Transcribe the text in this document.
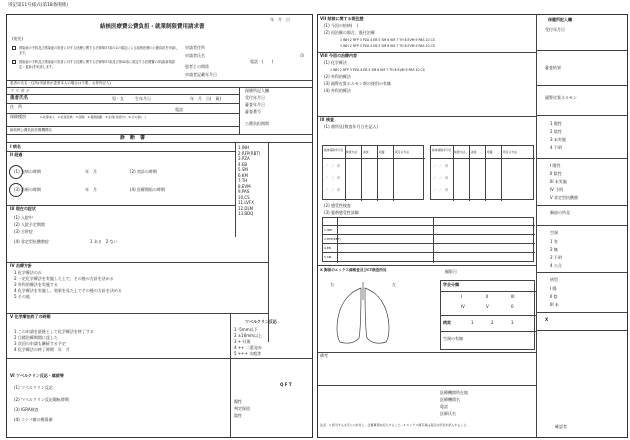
別記第11号様式(第18条関係)
結核医療費公費負担・就業制限費用請求書
年　月　日
(宛先)
感染症の予防及び感染症の患者に対する医療に関する法律第37条の2の規定による結核医療の公費負担を申請します。
感染症の予防及び感染症の患者に対する医療に関する法律第37条及び第42条に規定する医療費の申請(新規認定・更新)を申請します。
申請者住所
申請者氏名
患者との関係
申請者記載年月日
電話　(　　)
印
患者の氏名・住所(申請者が患者本人の場合は不要、太枠内記入)
フ リ ガ ナ
患者氏名	男・女	生年月日	年　月　日(　歳)
住　所
電話
保険種別	1.社保本人　2.社保家族　3.国保　4.後期高齢　5.生保(受給中)　6.その他(　)
新結核公費負担医療機関名
保健所記入欄
受付年月日
審査年月日
審査番号
公費負担期間
診　断　書
I 病名
II 経過
(1) 発病の時期	年　月	(2) 初診の時期
(3) 診断の時期	年　月	(4) 医療開始の時期
1.INH
2.RFP(RBT)
3.PZA
4.EB
5.SM
6.KM
7.TH
8.EVM
9.PAS
10.CS
11.LVFX
12.DLM
13.BDQ
III 現在の症状
(1) 入院中
(2) 入院予定期間
(3) 合併症
(4) 非定型抗酸菌症	1 ある　2 ない
IV 治療方針
1 化学療法のみ
2 一定化学療法を実施した上で、その後の方針を決める
3 外科的療法を実施する
4 化学療法を実施し、効果を見た上でその後の方針を決める
5 その他
V 化学療法終了の時期
1 この申請を最後として化学療法を終了する
2 目標治療期間に達した
3 次回の申請も継続する予定
4 化学療法の終了時期　年　月
VI ツベルクリン反応・喀痰等
(1) ツベルクリン反応
(2) ツベルクリン反応陽転時期
(3) IGRA検査
(4) コンパ値の換算値
ツベルクリン反応
1 -5mm以下
2 ±10mm以上
3 + 紅斑
4 ++ 二重発赤
5 +++ 水疱等
Q F T
陽性
判定保留
陰性
VII 結核に関する既往歴
(1) 今回の結核(　)
(2) 再治療の場合、既往治療
1 INH 2 RFP 3 PZA 4 EB 5 SM 6 KM 7 TH 8 EVM 9 PAS 10 CS
1 INH 2 RFP 3 PZA 4 EB 5 SM 6 KM 7 TH 8 EVM 9 PAS 10 CS
VIII 今回の治療内容
(1) 化学療法
1 INH 2 RFP 3 PZA 4 EB 5 SM 6 KM 7 TH 8 EVM 9 PAS 10 CS
(2) 外科的療法
(3) 副腎皮質ホルモン剤の使用の有無
(4) 外科的療法
IX 検査
(1) 菌所見(検査年月日を記入)
検体採取年月日 検査方法 塗抹	培養	同定の方法
／　／　号
／　／　号
／　／　号
検体採取年月日 検査方法 塗抹	培養	同定の方法
／　／　号
／　／　号
／　／　号
(2) 感受性検査
(3) 薬剤感受性試験
1.INH
2.RFP(RBT)
4.EB
5.SM
X 胸部のエックス線検査及びCT検査所見
右	左
撮影日
学会分類
I	II	III
IV	V	0
病変	1	2	3
空洞の有無
備考
医療機関所在地
医療機関名
電話
医師氏名
注意　1 該当する文字に○を付し、必要事項を記入すること。2 エックス線写真は直近の所見を記入すること。
保健所記入欄
受付年月日
審査結果
副腎皮質ホルモン
1 陽性
2 陰性
3 未実施
4 不明
I 陽性
II 陰性
III 未実施
IV 不明
V 非定型抗酸菌
胸部の所見
空洞
1 有
2 無
3 不明
4 公合
病型
I 陽
II 陰
III 未
X
確認者
